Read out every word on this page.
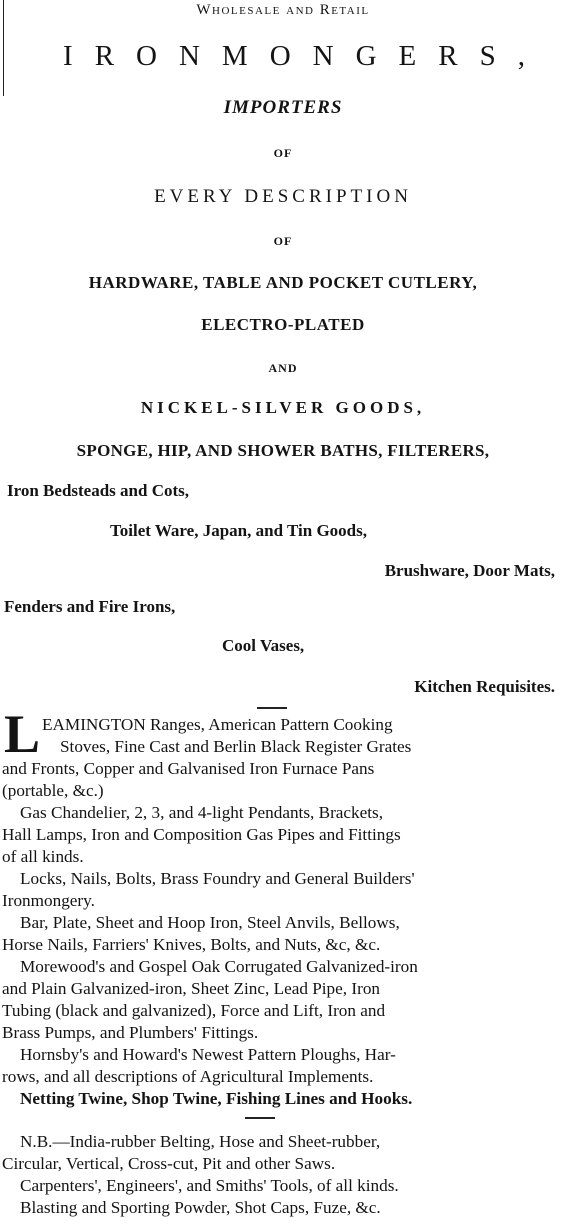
Wholesale and Retail
IRONMONGERS,
IMPORTERS
OF
EVERY DESCRIPTION
OF
HARDWARE, TABLE AND POCKET CUTLERY,
ELECTRO-PLATED
AND
NICKEL-SILVER GOODS,
SPONGE, HIP, AND SHOWER BATHS, FILTERERS,
Iron Bedsteads and Cots,
Toilet Ware, Japan, and Tin Goods,
Brushware, Door Mats,
Fenders and Fire Irons,
Cool Vases,
Kitchen Requisites.
L EAMINGTON Ranges, American Pattern Cooking
Stoves, Fine Cast and Berlin Black Register Grates
and Fronts, Copper and Galvanised Iron Furnace Pans
(portable, &c.)
Gas Chandelier, 2, 3, and 4-light Pendants, Brackets,
Hall Lamps, Iron and Composition Gas Pipes and Fittings
of all kinds.
Locks, Nails, Bolts, Brass Foundry and General Builders'
Ironmongery.
Bar, Plate, Sheet and Hoop Iron, Steel Anvils, Bellows,
Horse Nails, Farriers' Knives, Bolts, and Nuts, &c, &c.
Morewood's and Gospel Oak Corrugated Galvanized-iron
and Plain Galvanized-iron, Sheet Zinc, Lead Pipe, Iron
Tubing (black and galvanized), Force and Lift, Iron and
Brass Pumps, and Plumbers' Fittings.
Hornsby's and Howard's Newest Pattern Ploughs, Har-
rows, and all descriptions of Agricultural Implements.
Netting Twine, Shop Twine, Fishing Lines and Hooks.
N.B.—India-rubber Belting, Hose and Sheet-rubber,
Circular, Vertical, Cross-cut, Pit and other Saws.
Carpenters', Engineers', and Smiths' Tools, of all kinds.
Blasting and Sporting Powder, Shot Caps, Fuze, &c.
